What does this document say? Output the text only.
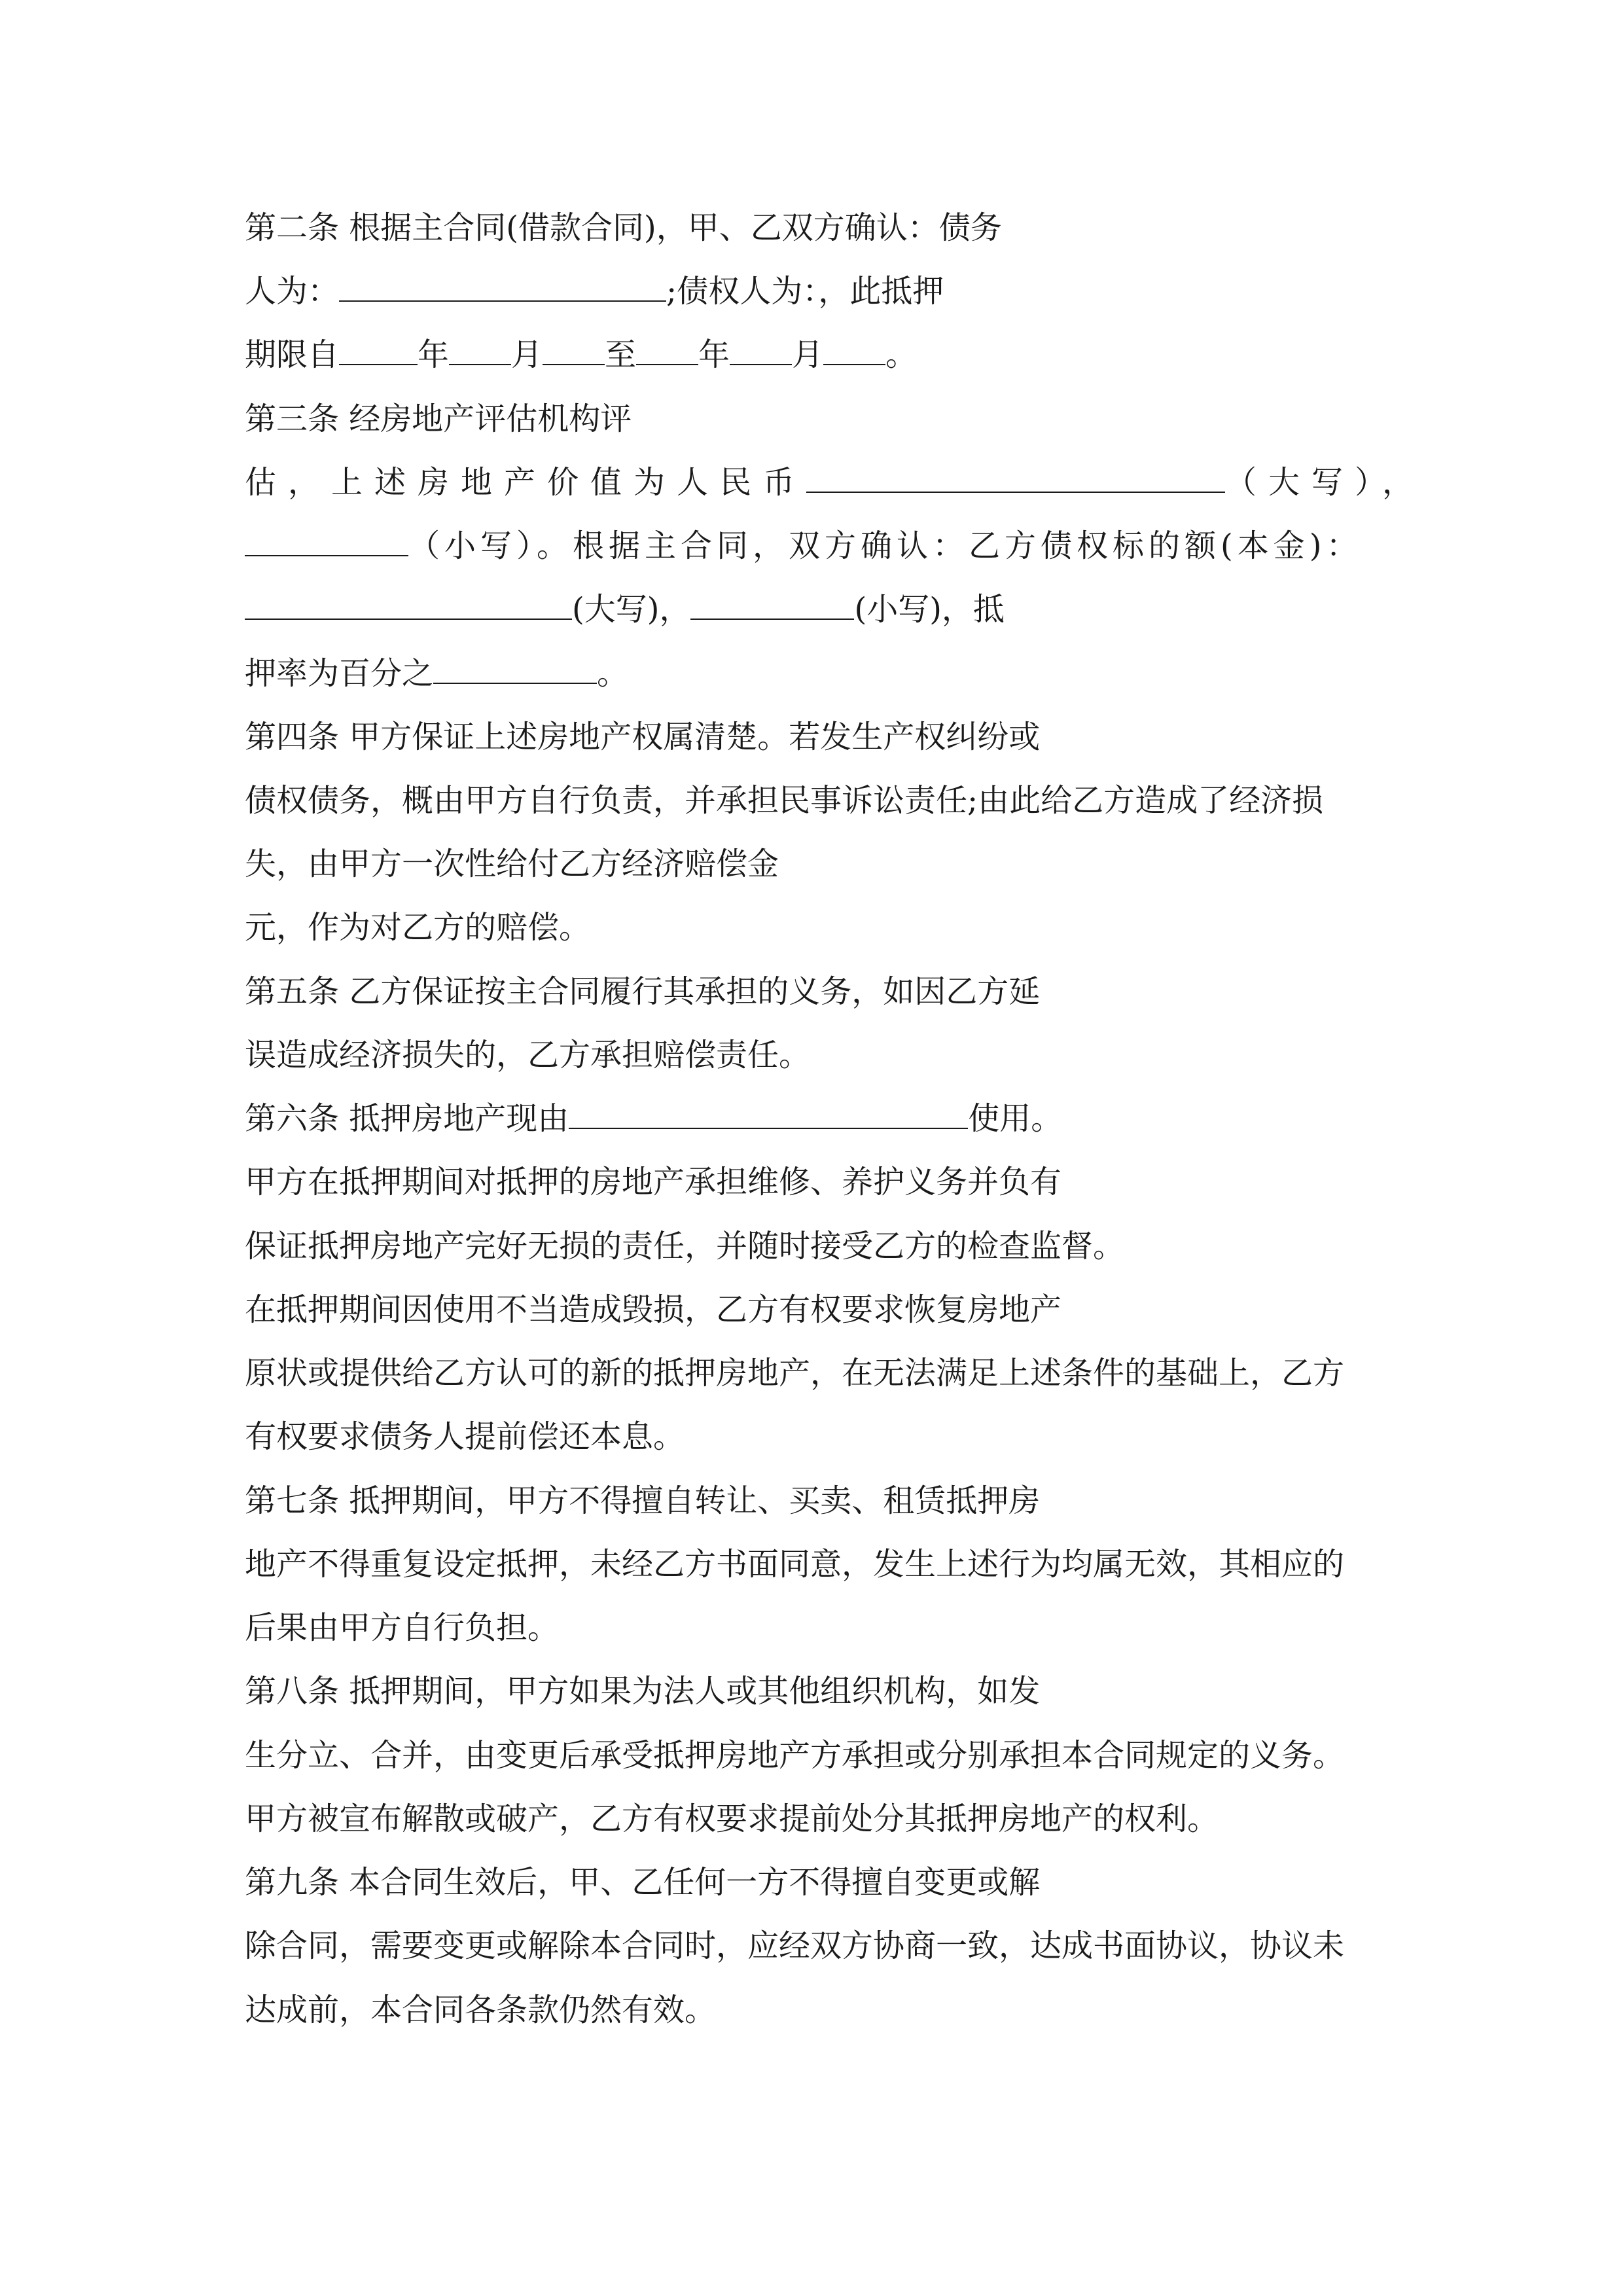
第二条 根据主合同(借款合同)，甲、乙双方确认：债务
人为：	;债权人为：，此抵押
期限自	年 月 至 年 月 。
第三条 经房地产评估机构评
估，上述房地产价值为人民币	（大写），
（小写）。根据主合同，双方确认：乙方债权标的额(本金)：
(大写)，	(小写)，抵
押率为百分之	。
第四条 甲方保证上述房地产权属清楚。若发生产权纠纷或
债权债务，概由甲方自行负责，并承担民事诉讼责任;由此给乙方造成了经济损
失，由甲方一次性给付乙方经济赔偿金
元，作为对乙方的赔偿。
第五条 乙方保证按主合同履行其承担的义务，如因乙方延
误造成经济损失的，乙方承担赔偿责任。
第六条 抵押房地产现由	使用。
甲方在抵押期间对抵押的房地产承担维修、养护义务并负有
保证抵押房地产完好无损的责任，并随时接受乙方的检查监督。
在抵押期间因使用不当造成毁损，乙方有权要求恢复房地产
原状或提供给乙方认可的新的抵押房地产，在无法满足上述条件的基础上，乙方
有权要求债务人提前偿还本息。
第七条 抵押期间，甲方不得擅自转让、买卖、租赁抵押房
地产不得重复设定抵押，未经乙方书面同意，发生上述行为均属无效，其相应的
后果由甲方自行负担。
第八条 抵押期间，甲方如果为法人或其他组织机构，如发
生分立、合并，由变更后承受抵押房地产方承担或分别承担本合同规定的义务。
甲方被宣布解散或破产，乙方有权要求提前处分其抵押房地产的权利。
第九条 本合同生效后，甲、乙任何一方不得擅自变更或解
除合同，需要变更或解除本合同时，应经双方协商一致，达成书面协议，协议未
达成前，本合同各条款仍然有效。
